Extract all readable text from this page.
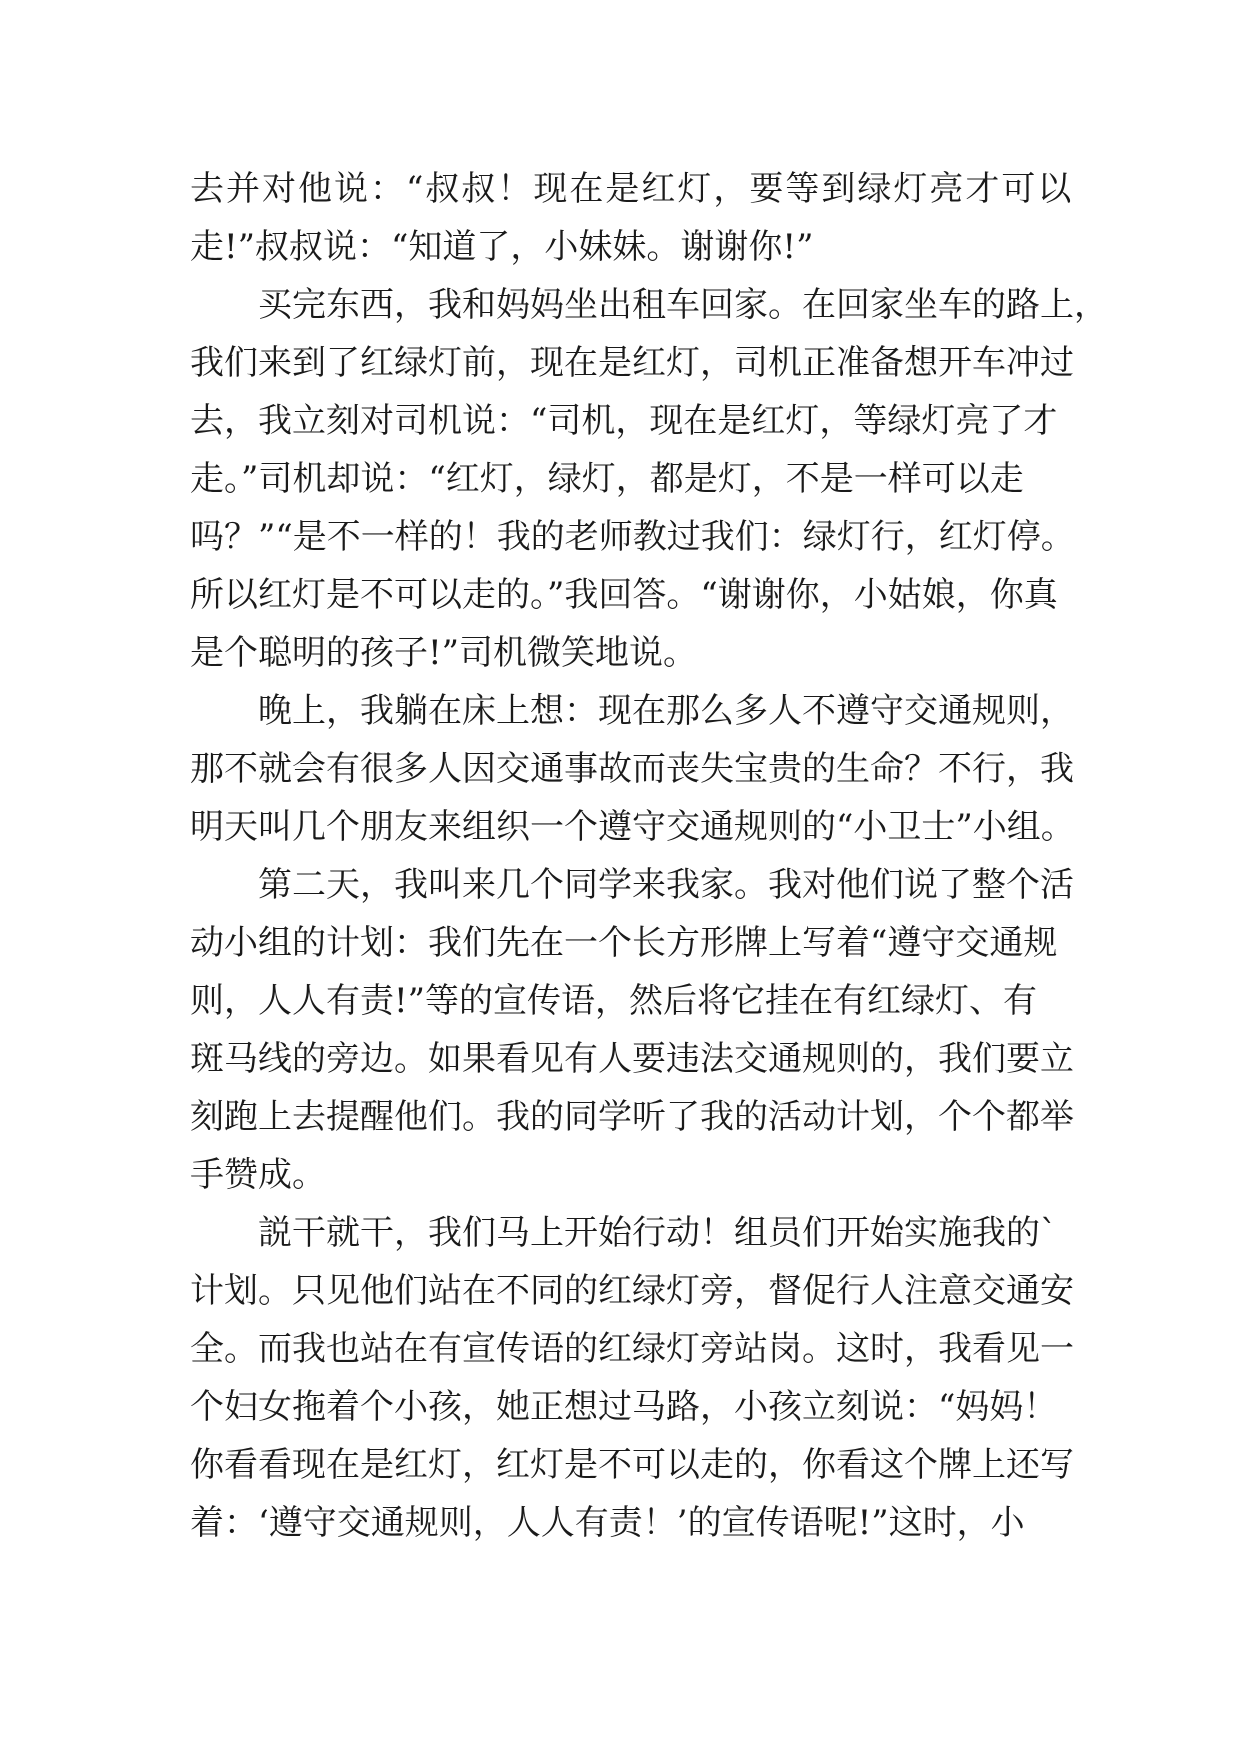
去并对他说：“叔叔！现在是红灯，要等到绿灯亮才可以
走!”叔叔说：“知道了，小妹妹。谢谢你!”
买完东西，我和妈妈坐出租车回家。在回家坐车的路上，
我们来到了红绿灯前，现在是红灯，司机正准备想开车冲过
去，我立刻对司机说：“司机，现在是红灯，等绿灯亮了才
走。”司机却说：“红灯，绿灯，都是灯，不是一样可以走
吗？”“是不一样的！我的老师教过我们：绿灯行，红灯停。
所以红灯是不可以走的。”我回答。“谢谢你，小姑娘，你真
是个聪明的孩子!”司机微笑地说。
晚上，我躺在床上想：现在那么多人不遵守交通规则，
那不就会有很多人因交通事故而丧失宝贵的生命？不行，我
明天叫几个朋友来组织一个遵守交通规则的“小卫士”小组。
第二天，我叫来几个同学来我家。我对他们说了整个活
动小组的计划：我们先在一个长方形牌上写着“遵守交通规
则，人人有责!”等的宣传语，然后将它挂在有红绿灯、有
斑马线的旁边。如果看见有人要违法交通规则的，我们要立
刻跑上去提醒他们。我的同学听了我的活动计划，个个都举
手赞成。
説干就干，我们马上开始行动！组员们开始实施我的`
计划。只见他们站在不同的红绿灯旁，督促行人注意交通安
全。而我也站在有宣传语的红绿灯旁站岗。这时，我看见一
个妇女拖着个小孩，她正想过马路，小孩立刻说：“妈妈！
你看看现在是红灯，红灯是不可以走的，你看这个牌上还写
着：‘遵守交通规则，人人有责！’的宣传语呢!”这时，小
